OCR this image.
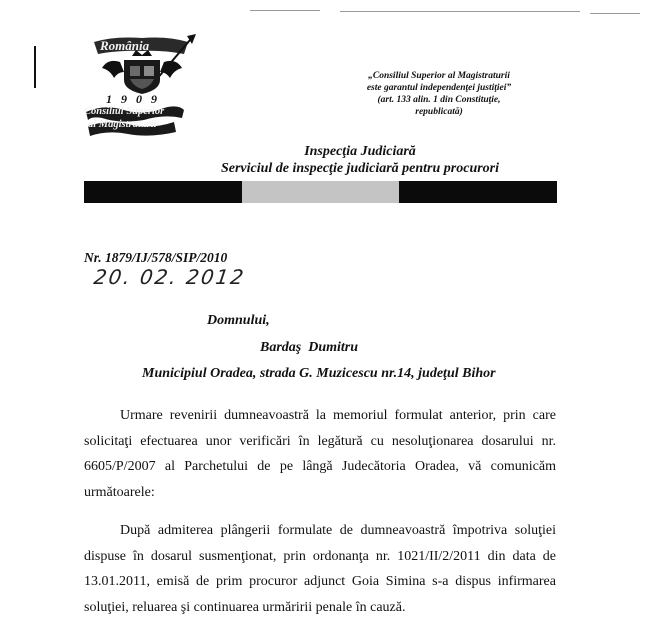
România
1909
Consiliul Superior
al Magistraturii
„Consiliul Superior al Magistraturii
este garantul independenţei justiţiei”
(art. 133 alin. 1 din Constituţie,
republicată)
Inspecţia Judiciară
Serviciul de inspecţie judiciară pentru procurori
Nr. 1879/IJ/578/SIP/2010
20. 02. 2012
Domnului,
Bardaş  Dumitru
Municipiul Oradea, strada G. Muzicescu nr.14, judeţul Bihor
Urmare revenirii dumneavoastră la memoriul formulat anterior, prin care solicitaţi efectuarea unor verificări în legătură cu nesoluţionarea dosarului nr. 6605/P/2007 al Parchetului de pe lângă Judecătoria Oradea, vă comunicăm următoarele:
După admiterea plângerii formulate de dumneavoastră împotriva soluţiei dispuse în dosarul susmenţionat, prin ordonanţa nr. 1021/II/2/2011 din data de 13.01.2011, emisă de prim procuror adjunct Goia Simina s-a dispus infirmarea soluţiei, reluarea şi continuarea urmăririi penale în cauză.
